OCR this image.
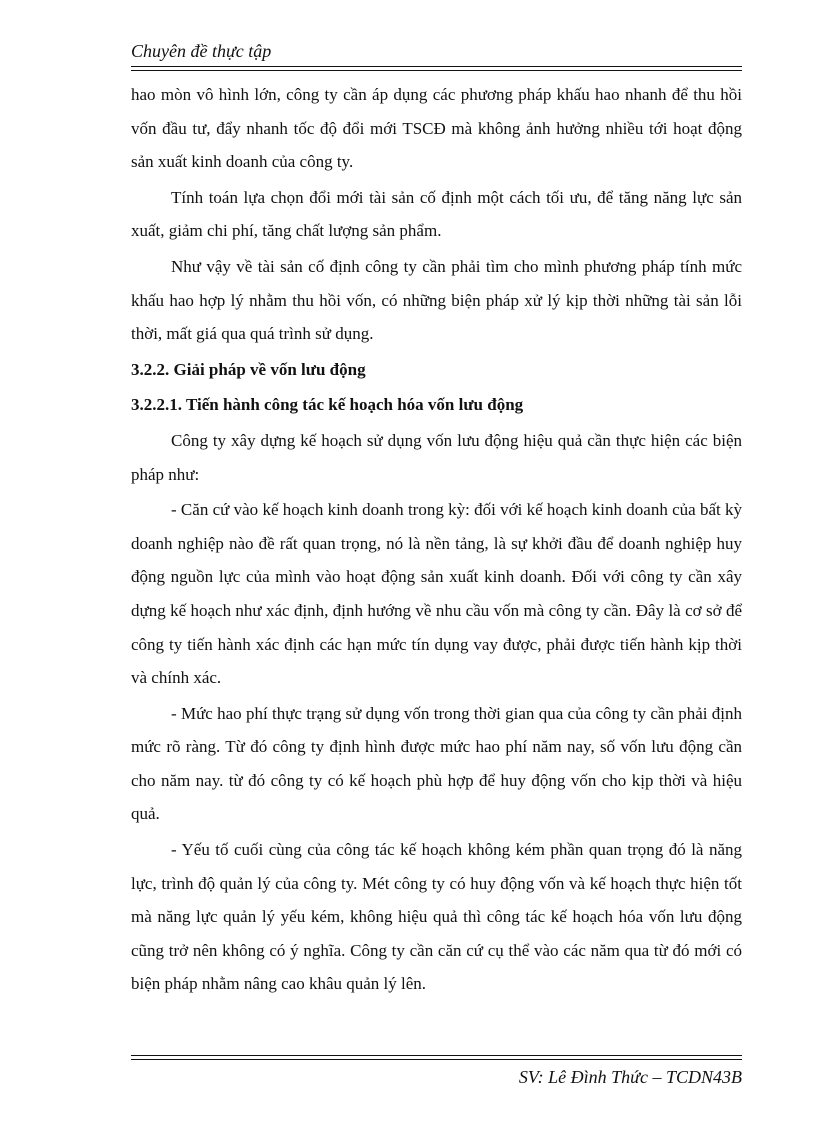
Chuyên đề thực tập

hao mòn vô hình lớn, công ty cần áp dụng các phương pháp khấu hao nhanh để thu hồi vốn đầu tư, đẩy nhanh tốc độ đổi mới TSCĐ mà không ảnh hưởng nhiều tới hoạt động sản xuất kinh doanh của công ty.

Tính toán lựa chọn đổi mới tài sản cố định một cách tối ưu, để tăng năng lực sản xuất, giảm chi phí, tăng chất lượng sản phẩm.

Như vậy về tài sản cố định công ty cần phải tìm cho mình phương pháp tính mức khấu hao hợp lý nhằm thu hồi vốn, có những biện pháp xử lý kịp thời những tài sản lỗi thời, mất giá qua quá trình sử dụng.

3.2.2. Giải pháp về vốn lưu động
3.2.2.1. Tiến hành công tác kế hoạch hóa vốn lưu động

Công ty xây dựng kế hoạch sử dụng vốn lưu động hiệu quả cần thực hiện các biện pháp như:

- Căn cứ vào kế hoạch kinh doanh trong kỳ: đối với kế hoạch kinh doanh của bất kỳ doanh nghiệp nào đề rất quan trọng, nó là nền tảng, là sự khởi đầu để doanh nghiệp huy động nguồn lực của mình vào hoạt động sản xuất kinh doanh. Đối với công ty cần xây dựng kế hoạch như xác định, định hướng về nhu cầu vốn mà công ty cần. Đây là cơ sở để công ty tiến hành xác định các hạn mức tín dụng vay được, phải được tiến hành kịp thời và chính xác.

- Mức hao phí thực trạng sử dụng vốn trong thời gian qua của công ty cần phải định mức rõ ràng. Từ đó công ty định hình được mức hao phí năm nay, số vốn lưu động cần cho năm nay. từ đó công ty có kế hoạch phù hợp để huy động vốn cho kịp thời và hiệu quả.

- Yếu tố cuối cùng của công tác kế hoạch không kém phần quan trọng đó là năng lực, trình độ quản lý của công ty. Mét công ty có huy động vốn và kế hoạch thực hiện tốt mà năng lực quản lý yếu kém, không hiệu quả thì công tác kế hoạch hóa vốn lưu động cũng trở nên không có ý nghĩa. Công ty cần căn cứ cụ thể vào các năm qua từ đó mới có biện pháp nhằm nâng cao khâu quản lý lên.

SV: Lê Đình Thức – TCDN43B
